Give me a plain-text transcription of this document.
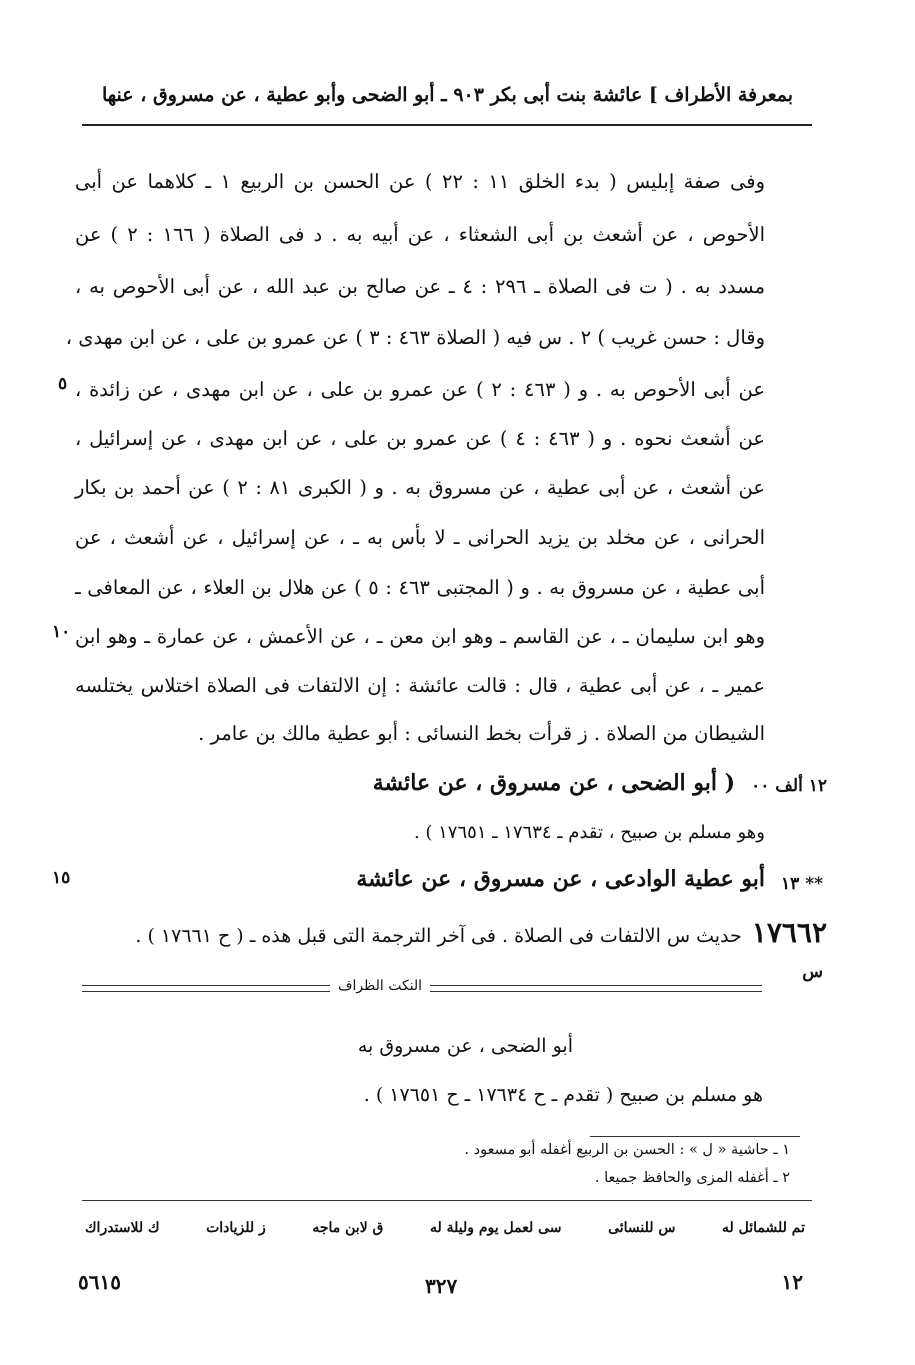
بمعرفة الأطراف ] عائشة بنت أبى بكر ٩٠٣ ـ أبو الضحى وأبو عطية ، عن مسروق ، عنها
وفى صفة إبليس ( بدء الخلق ١١ : ٢٢ ) عن الحسن بن الربيع ١ ـ كلاهما عن أبى
الأحوص ، عن أشعث بن أبى الشعثاء ، عن أبيه به . د فى الصلاة ( ١٦٦ : ٢ ) عن
مسدد به . ( ت فى الصلاة ـ ٢٩٦ : ٤ ـ عن صالح بن عبد الله ، عن أبى الأحوص به ،
وقال : حسن غريب ) ٢ . س فيه ( الصلاة ٤٦٣ : ٣ ) عن عمرو بن على ، عن ابن مهدى ،
عن أبى الأحوص به . و ( ٤٦٣ : ٢ ) عن عمرو بن على ، عن ابن مهدى ، عن زائدة ،
عن أشعث نحوه . و ( ٤٦٣ : ٤ ) عن عمرو بن على ، عن ابن مهدى ، عن إسرائيل ،
عن أشعث ، عن أبى عطية ، عن مسروق به . و ( الكبرى ٨١ : ٢ ) عن أحمد بن بكار
الحرانى ، عن مخلد بن يزيد الحرانى ـ لا بأس به ـ ، عن إسرائيل ، عن أشعث ، عن
أبى عطية ، عن مسروق به . و ( المجتبى ٤٦٣ : ٥ ) عن هلال بن العلاء ، عن المعافى ـ
وهو ابن سليمان ـ ، عن القاسم ـ وهو ابن معن ـ ، عن الأعمش ، عن عمارة ـ وهو ابن
عمير ـ ، عن أبى عطية ، قال : قالت عائشة : إن الالتفات فى الصلاة اختلاس يختلسه
الشيطان من الصلاة . ز قرأت بخط النسائى : أبو عطية مالك بن عامر .
٥
١٠
١٥
١٢ ألف ٠٠
( أبو الضحى ، عن مسروق ، عن عائشة
وهو مسلم بن صبيح ، تقدم ـ ١٧٦٣٤ ـ ١٧٦٥١ ) .
١٣ **
أبو عطية الوادعى ، عن مسروق ، عن عائشة
١٧٦٦٢
حديث س الالتفات فى الصلاة . فى آخر الترجمة التى قبل هذه ـ ( ح ١٧٦٦١ ) .
س
النكت الظراف
أبو الضحى ، عن مسروق به
هو مسلم بن صبيح ( تقدم ـ ح ١٧٦٣٤ ـ ح ١٧٦٥١ ) .
١ ـ حاشية « ل » : الحسن بن الربيع أغفله أبو مسعود .
٢ ـ أغفله المزى والحافظ جميعا .
تم للشمائل له
س للنسائى
سى لعمل يوم وليلة له
ق لابن ماجه
ز للزيادات
ك للاستدراك
١٢
٣٢٧
٥٦١٥
